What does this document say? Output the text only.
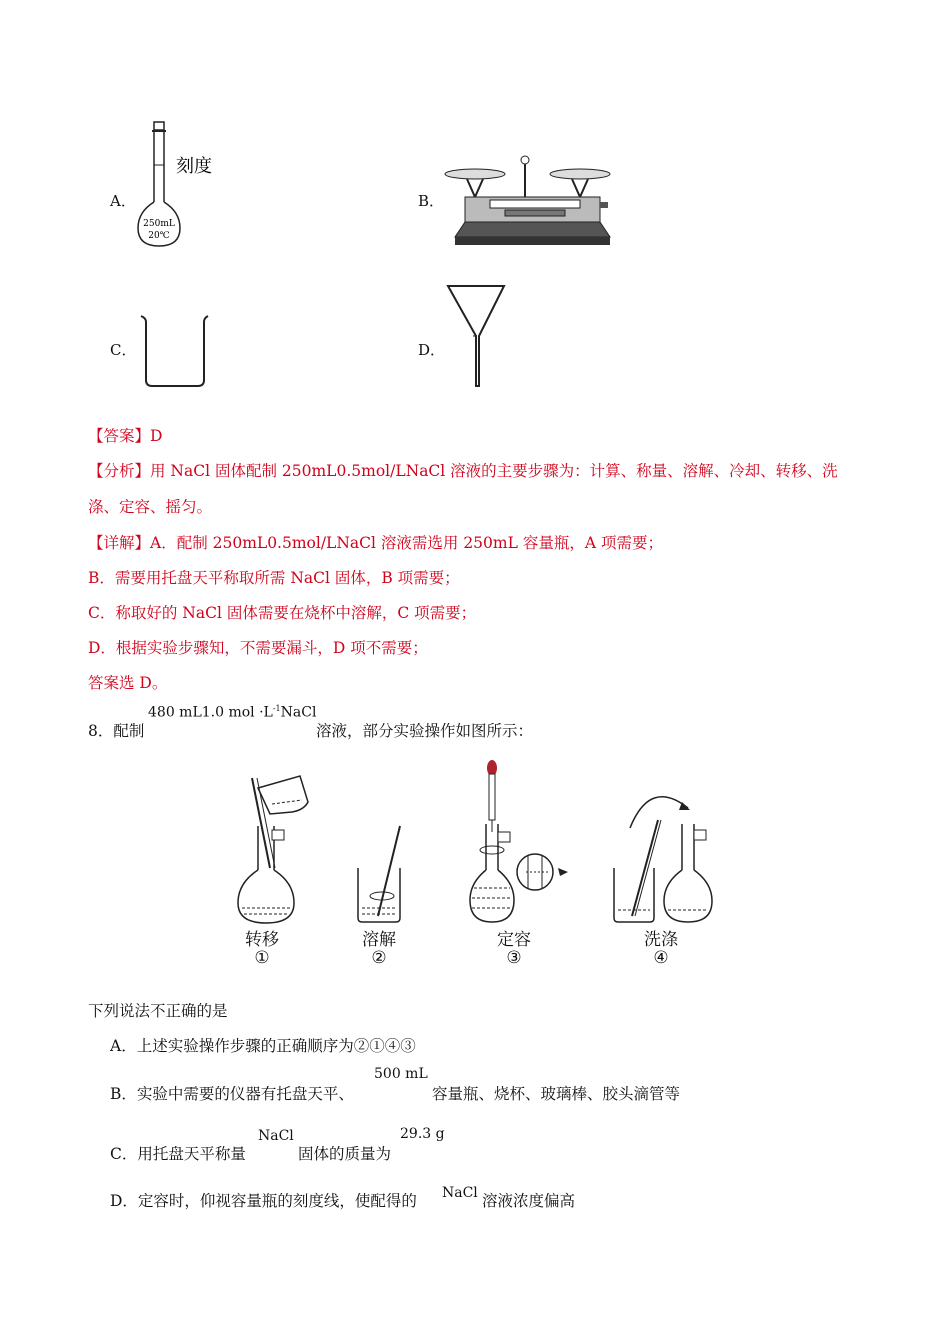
A．
250mL
20℃
刻度
B．
C．	D．
【答案】D
【分析】用 NaCl 固体配制 250mL0.5mol/LNaCl 溶液的主要步骤为：计算、称量、溶解、冷却、转移、洗
涤、定容、摇匀。
【详解】A．配制 250mL0.5mol/LNaCl 溶液需选用 250mL 容量瓶，A 项需要；
B．需要用托盘天平称取所需 NaCl 固体，B 项需要；
C．称取好的 NaCl 固体需要在烧杯中溶解，C 项需要；
D．根据实验步骤知，不需要漏斗，D 项不需要；
答案选 D。
8．配制
480 mL1.0 mol $\cdot L^{-1}NaCl$
溶液，部分实验操作如图所示：
转移
①
溶解
②
定容
③
洗涤
④
下列说法不正确的是
A．上述实验操作步骤的正确顺序为②①④③
B．实验中需要的仪器有托盘天平、
500 mL
容量瓶、烧杯、玻璃棒、胶头滴管等
C．用托盘天平称量
NaCl
固体的质量为
29.3 g
D．定容时，仰视容量瓶的刻度线，使配得的 NaCl 溶液浓度偏高
